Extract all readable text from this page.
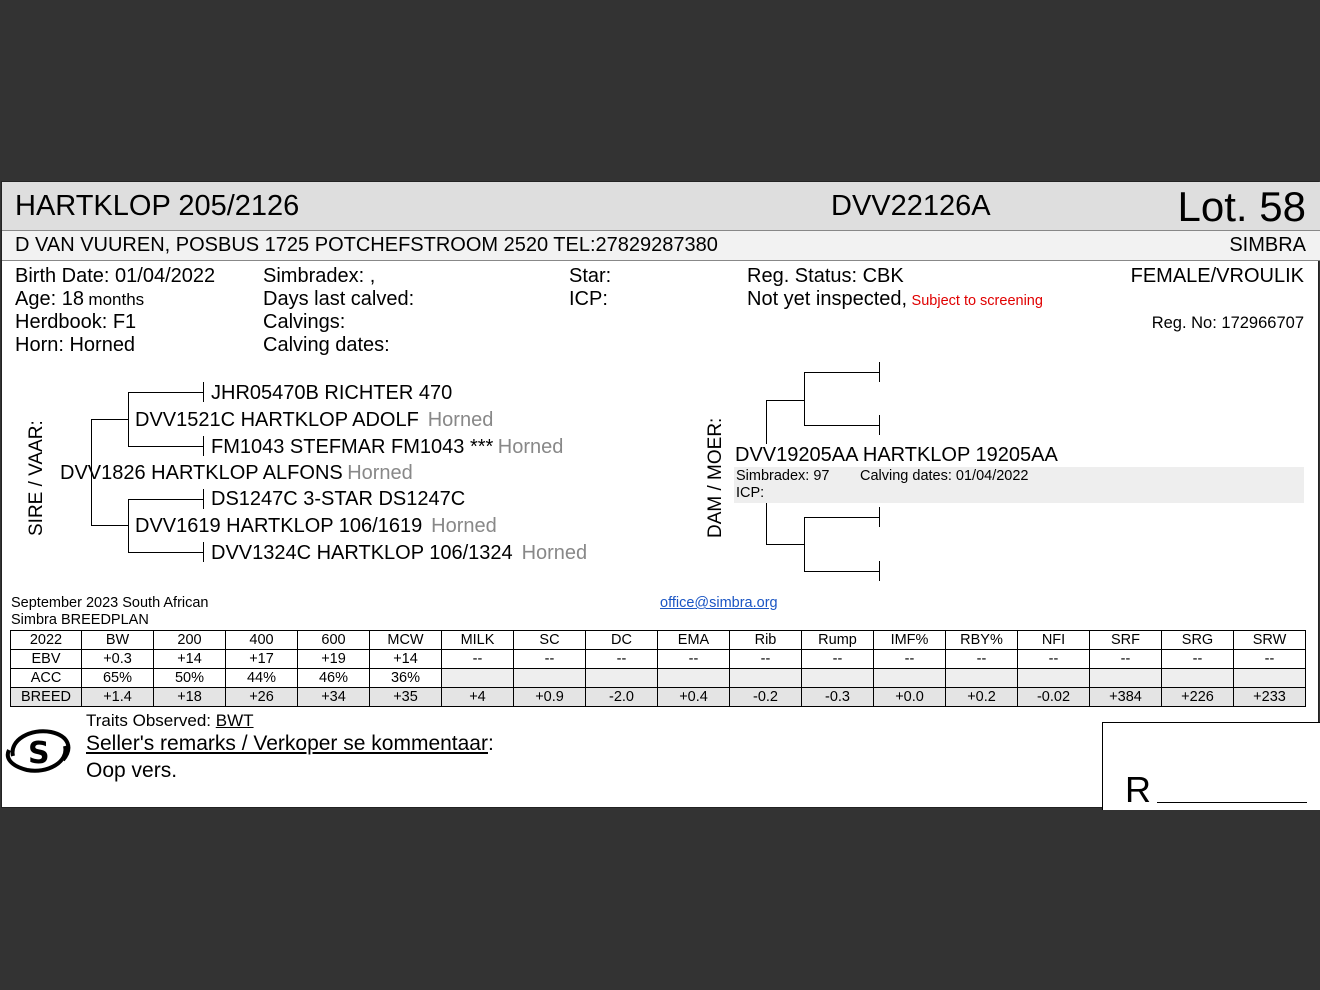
HARTKLOP 205/2126	DVV22126A	Lot. 58
D VAN VUUREN, POSBUS 1725 POTCHEFSTROOM 2520 TEL:27829287380	SIMBRA
Birth Date: 01/04/2022
Age: 18 months
Herdbook: F1
Horn: Horned
Simbradex: ,
Days last calved:
Calvings:
Calving dates:
Star:
ICP:
Reg. Status: CBK
Not yet inspected, Subject to screening
FEMALE/VROULIK
Reg. No: 172966707
SIRE / VAAR:
JHR05470B RICHTER 470
DVV1521C HARTKLOP ADOLF Horned
FM1043 STEFMAR FM1043 *** Horned
DVV1826 HARTKLOP ALFONS Horned
DS1247C 3-STAR DS1247C
DVV1619 HARTKLOP 106/1619 Horned
DVV1324C HARTKLOP 106/1324 Horned
DAM / MOER: DVV19205AA HARTKLOP 19205AA
Simbradex: 97 Calving dates: 01/04/2022
ICP:
September 2023 South African
Simbra BREEDPLAN
office@simbra.org
2022	BW	200	400	600	MCW	MILK	SC	DC	EMA	Rib	Rump	IMF%	RBY%	NFI	SRF	SRG	SRW
EBV	+0.3	+14	+17	+19	+14	--	--	--	--	--	--	--	--	--	--	--	--
ACC	65%	50%	44%	46%	36%												
BREED	+1.4	+18	+26	+34	+35	+4	+0.9	-2.0	+0.4	-0.2	-0.3	+0.0	+0.2	-0.02	+384	+226	+233
S
Traits Observed: BWT
Seller's remarks / Verkoper se kommentaar:
Oop vers.	R
